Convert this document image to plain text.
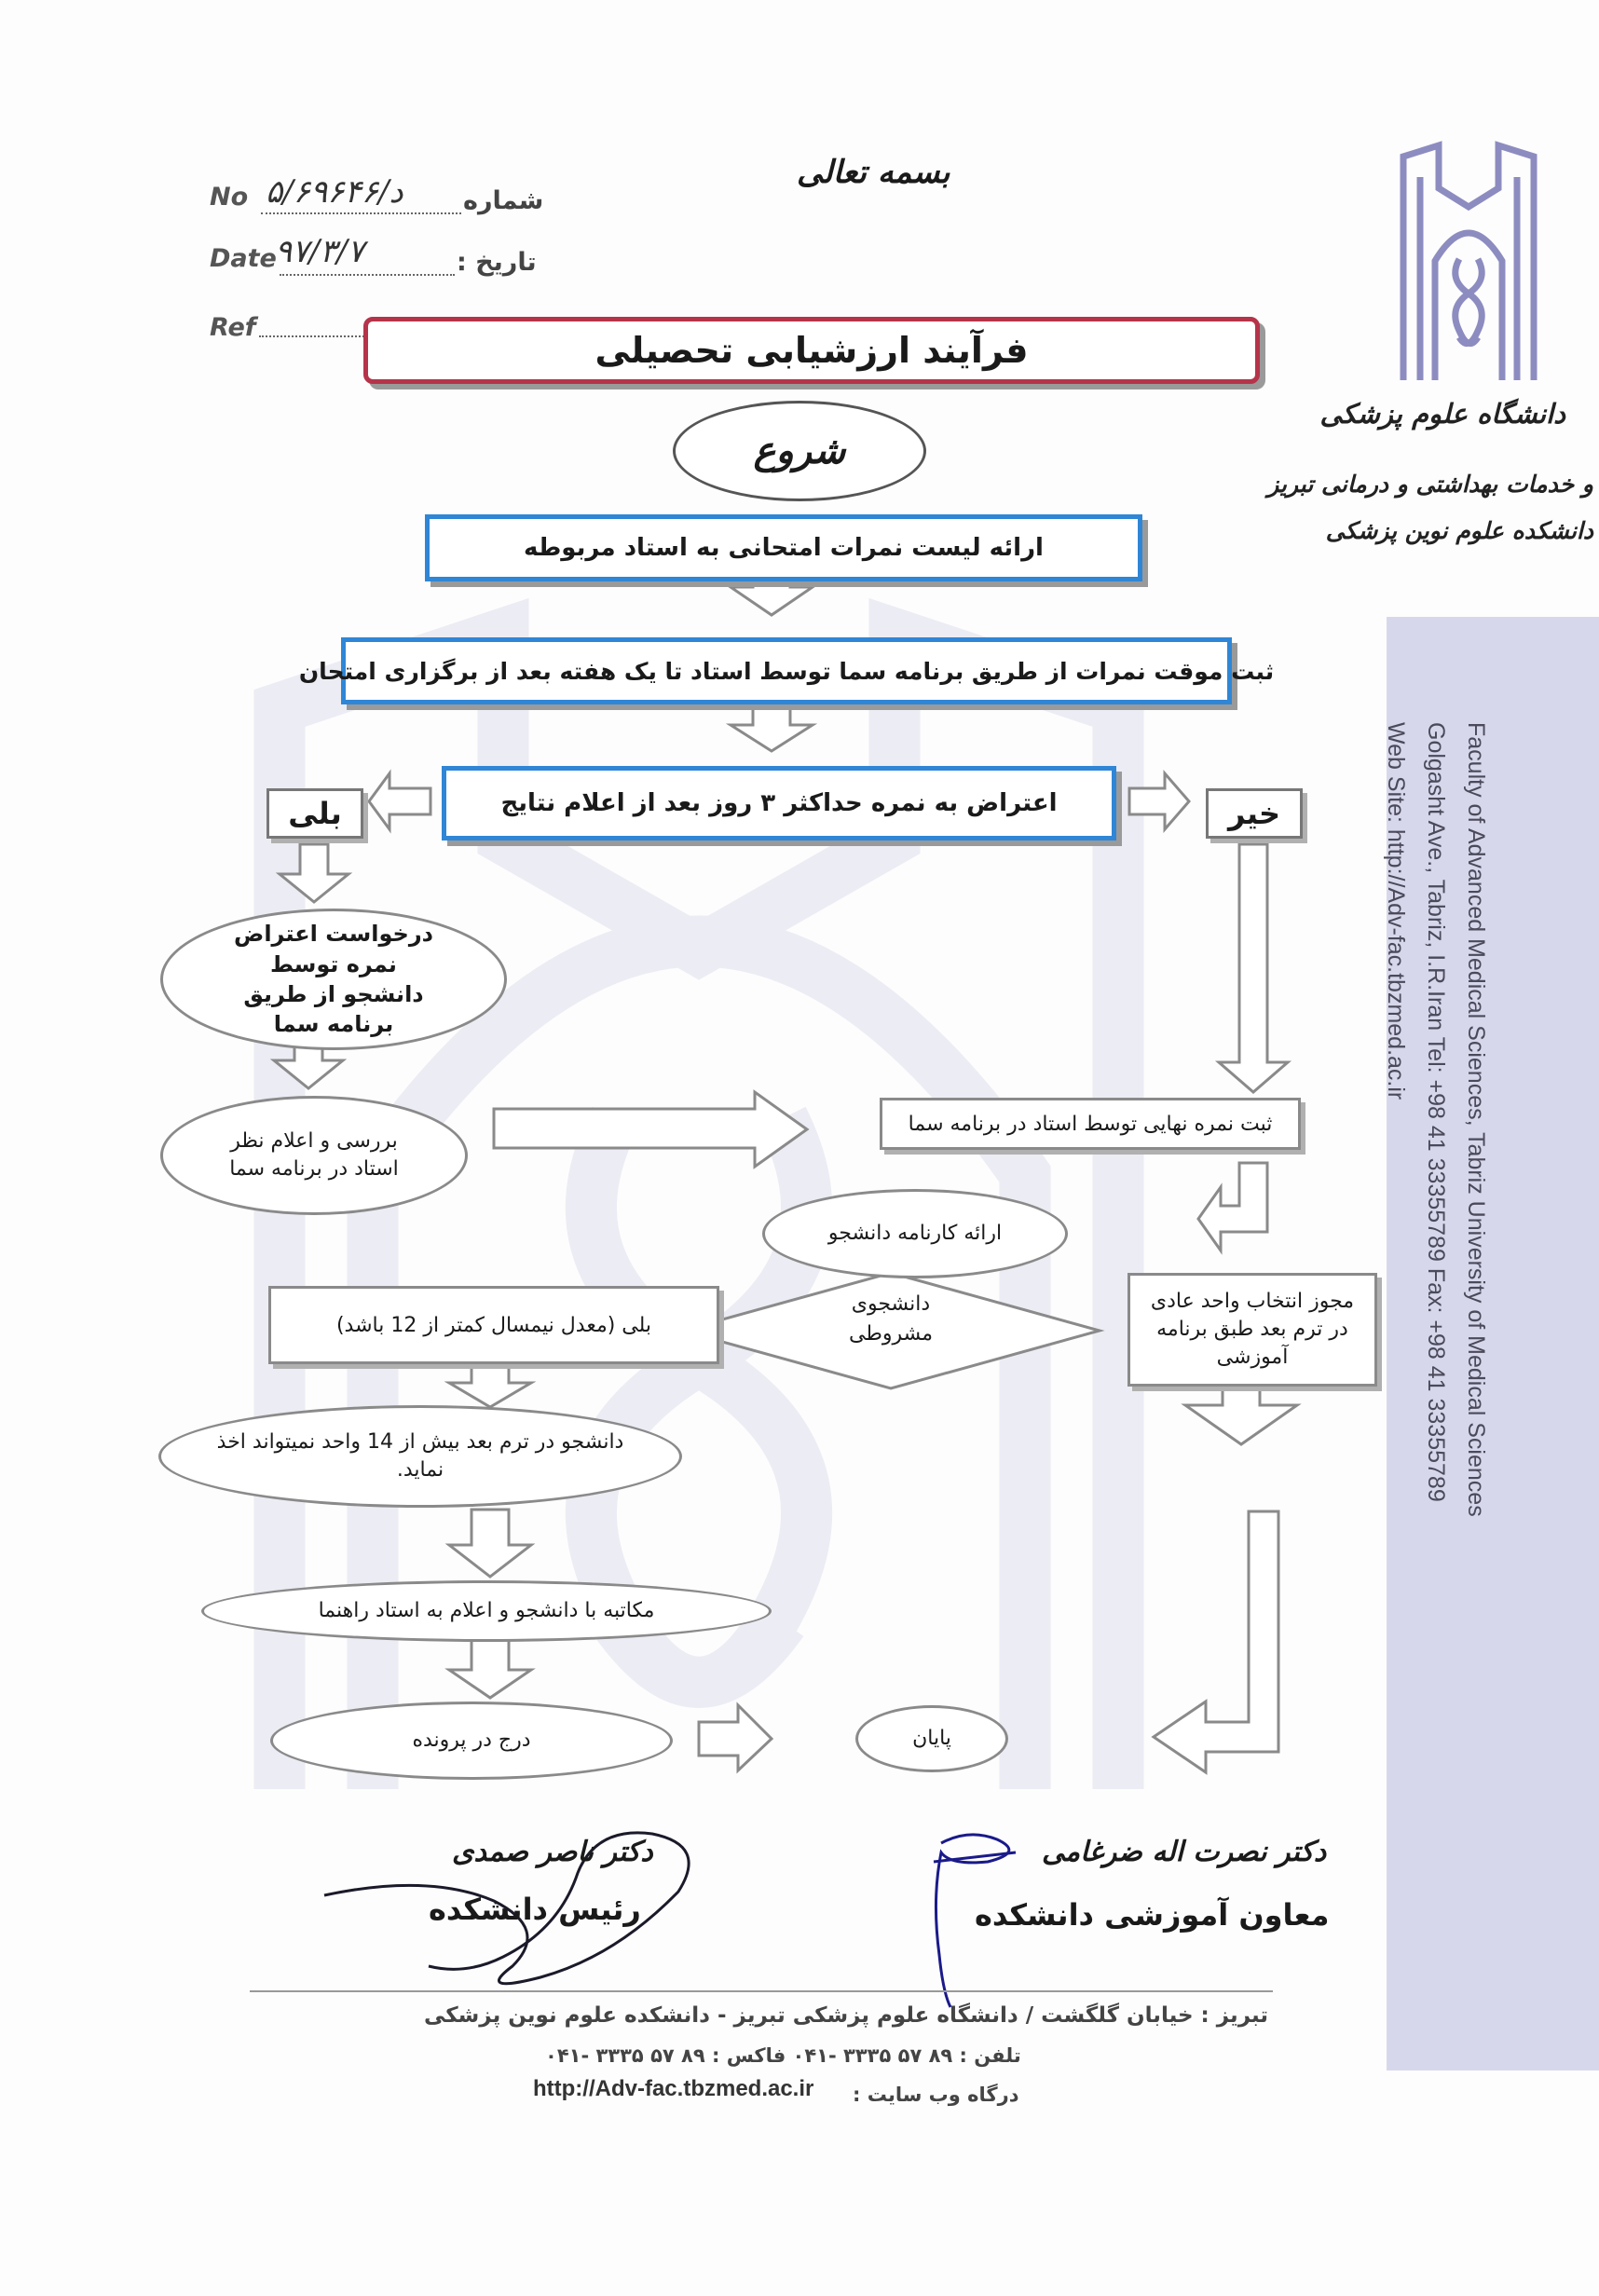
Faculty of Advanced Medical Sciences, Tabriz University of Medical Sciences
Golgasht Ave., Tabriz, I.R.Iran Tel: +98 41 33355789 Fax: +98 41 33355789
Web Site: http://Adv-fac.tbzmed.ac.ir
دانشگاه علوم پزشکی
و خدمات بهداشتی و درمانی تبریز
دانشکده علوم نوین پزشکی
بسمه تعالی
No ۵/د/۶۹۶۴۶ شماره
Date
۹۷/۳/۷	تاریخ :
Ref
فرآیند ارزشیابی تحصیلی
شروع
ارائه لیست نمرات امتحانی به استاد مربوطه
ثبت موقت نمرات از طریق برنامه سما توسط استاد تا یک هفته بعد از برگزاری امتحان
اعتراض به نمره حداکثر ۳ روز بعد از اعلام نتایج
بلی	خیر
درخواست اعتراض نمره توسط دانشجو از طریق برنامه سما
بررسی و اعلام نظر استاد در برنامه سما
ثبت نمره نهایی توسط استاد در برنامه سما
ارائه کارنامه دانشجو
دانشجوی مشروطی
بلی (معدل نیمسال کمتر از 12 باشد)
مجوز انتخاب واحد عادی در ترم بعد طبق برنامه آموزشی
دانشجو در ترم بعد بیش از 14 واحد نمیتواند اخذ نماید.
مکاتبه با دانشجو و اعلام به استاد راهنما
درج در پرونده	پایان
دکتر ناصر صمدی
رئیس دانشکده
دکتر نصرت اله ضرغامی
معاون آموزشی دانشکده
تبریز : خیابان گلگشت / دانشگاه علوم پزشکی تبریز - دانشکده علوم نوین پزشکی
تلفن : ۸۹ ۵۷ ۳۳۳۵ -۰۴۱ فاکس : ۸۹ ۵۷ ۳۳۳۵ -۰۴۱
درگاه وب سایت :
http://Adv-fac.tbzmed.ac.ir
